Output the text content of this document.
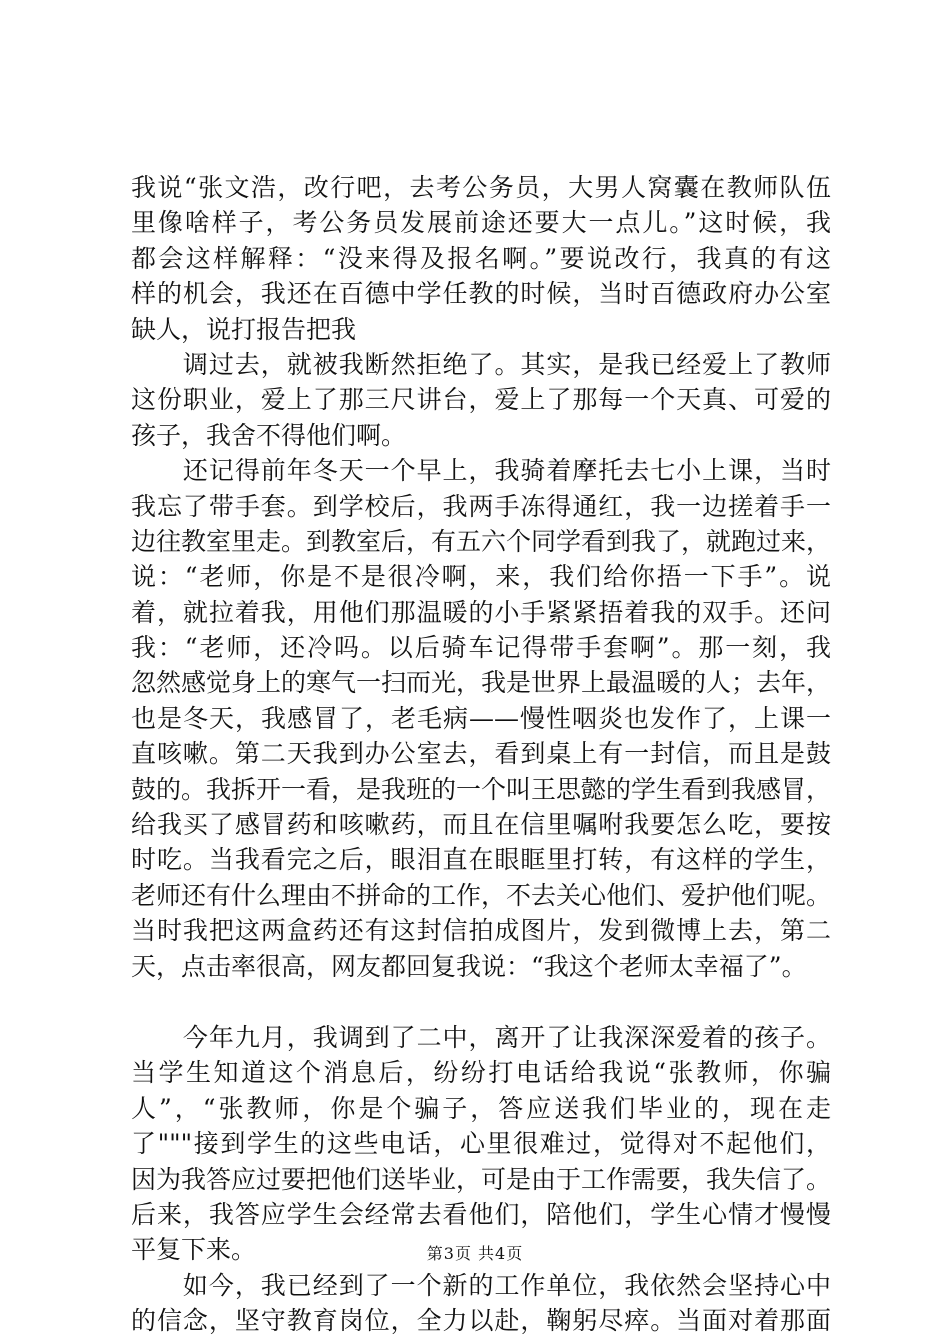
我说“张文浩，改行吧，去考公务员，大男人窝囊在教师队伍
里像啥样子，考公务员发展前途还要大一点儿。”这时候，我
都会这样解释：“没来得及报名啊。”要说改行，我真的有这
样的机会，我还在百德中学任教的时候，当时百德政府办公室
缺人，说打报告把我
　　调过去，就被我断然拒绝了。其实，是我已经爱上了教师
这份职业，爱上了那三尺讲台，爱上了那每一个天真、可爱的
孩子，我舍不得他们啊。
　　还记得前年冬天一个早上，我骑着摩托去七小上课，当时
我忘了带手套。到学校后，我两手冻得通红，我一边搓着手一
边往教室里走。到教室后，有五六个同学看到我了，就跑过来，
说：“老师，你是不是很冷啊，来，我们给你捂一下手”。说
着，就拉着我，用他们那温暖的小手紧紧捂着我的双手。还问
我：“老师，还冷吗。以后骑车记得带手套啊”。那一刻，我
忽然感觉身上的寒气一扫而光，我是世界上最温暖的人；去年，
也是冬天，我感冒了，老毛病——慢性咽炎也发作了，上课一
直咳嗽。第二天我到办公室去，看到桌上有一封信，而且是鼓
鼓的。我拆开一看，是我班的一个叫王思懿的学生看到我感冒，
给我买了感冒药和咳嗽药，而且在信里嘱咐我要怎么吃，要按
时吃。当我看完之后，眼泪直在眼眶里打转，有这样的学生，
老师还有什么理由不拼命的工作，不去关心他们、爱护他们呢。
当时我把这两盒药还有这封信拍成图片，发到微博上去，第二
天，点击率很高，网友都回复我说：“我这个老师太幸福了”。
　　今年九月，我调到了二中，离开了让我深深爱着的孩子。
当学生知道这个消息后，纷纷打电话给我说“张教师，你骗
人”，“张教师，你是个骗子，答应送我们毕业的，现在走
了"""接到学生的这些电话，心里很难过，觉得对不起他们，
因为我答应过要把他们送毕业，可是由于工作需要，我失信了。
后来，我答应学生会经常去看他们，陪他们，学生心情才慢慢
平复下来。
　　如今，我已经到了一个新的工作单位，我依然会坚持心中
的信念，坚守教育岗位，全力以赴，鞠躬尽瘁。当面对着那面
第3页 共4页
